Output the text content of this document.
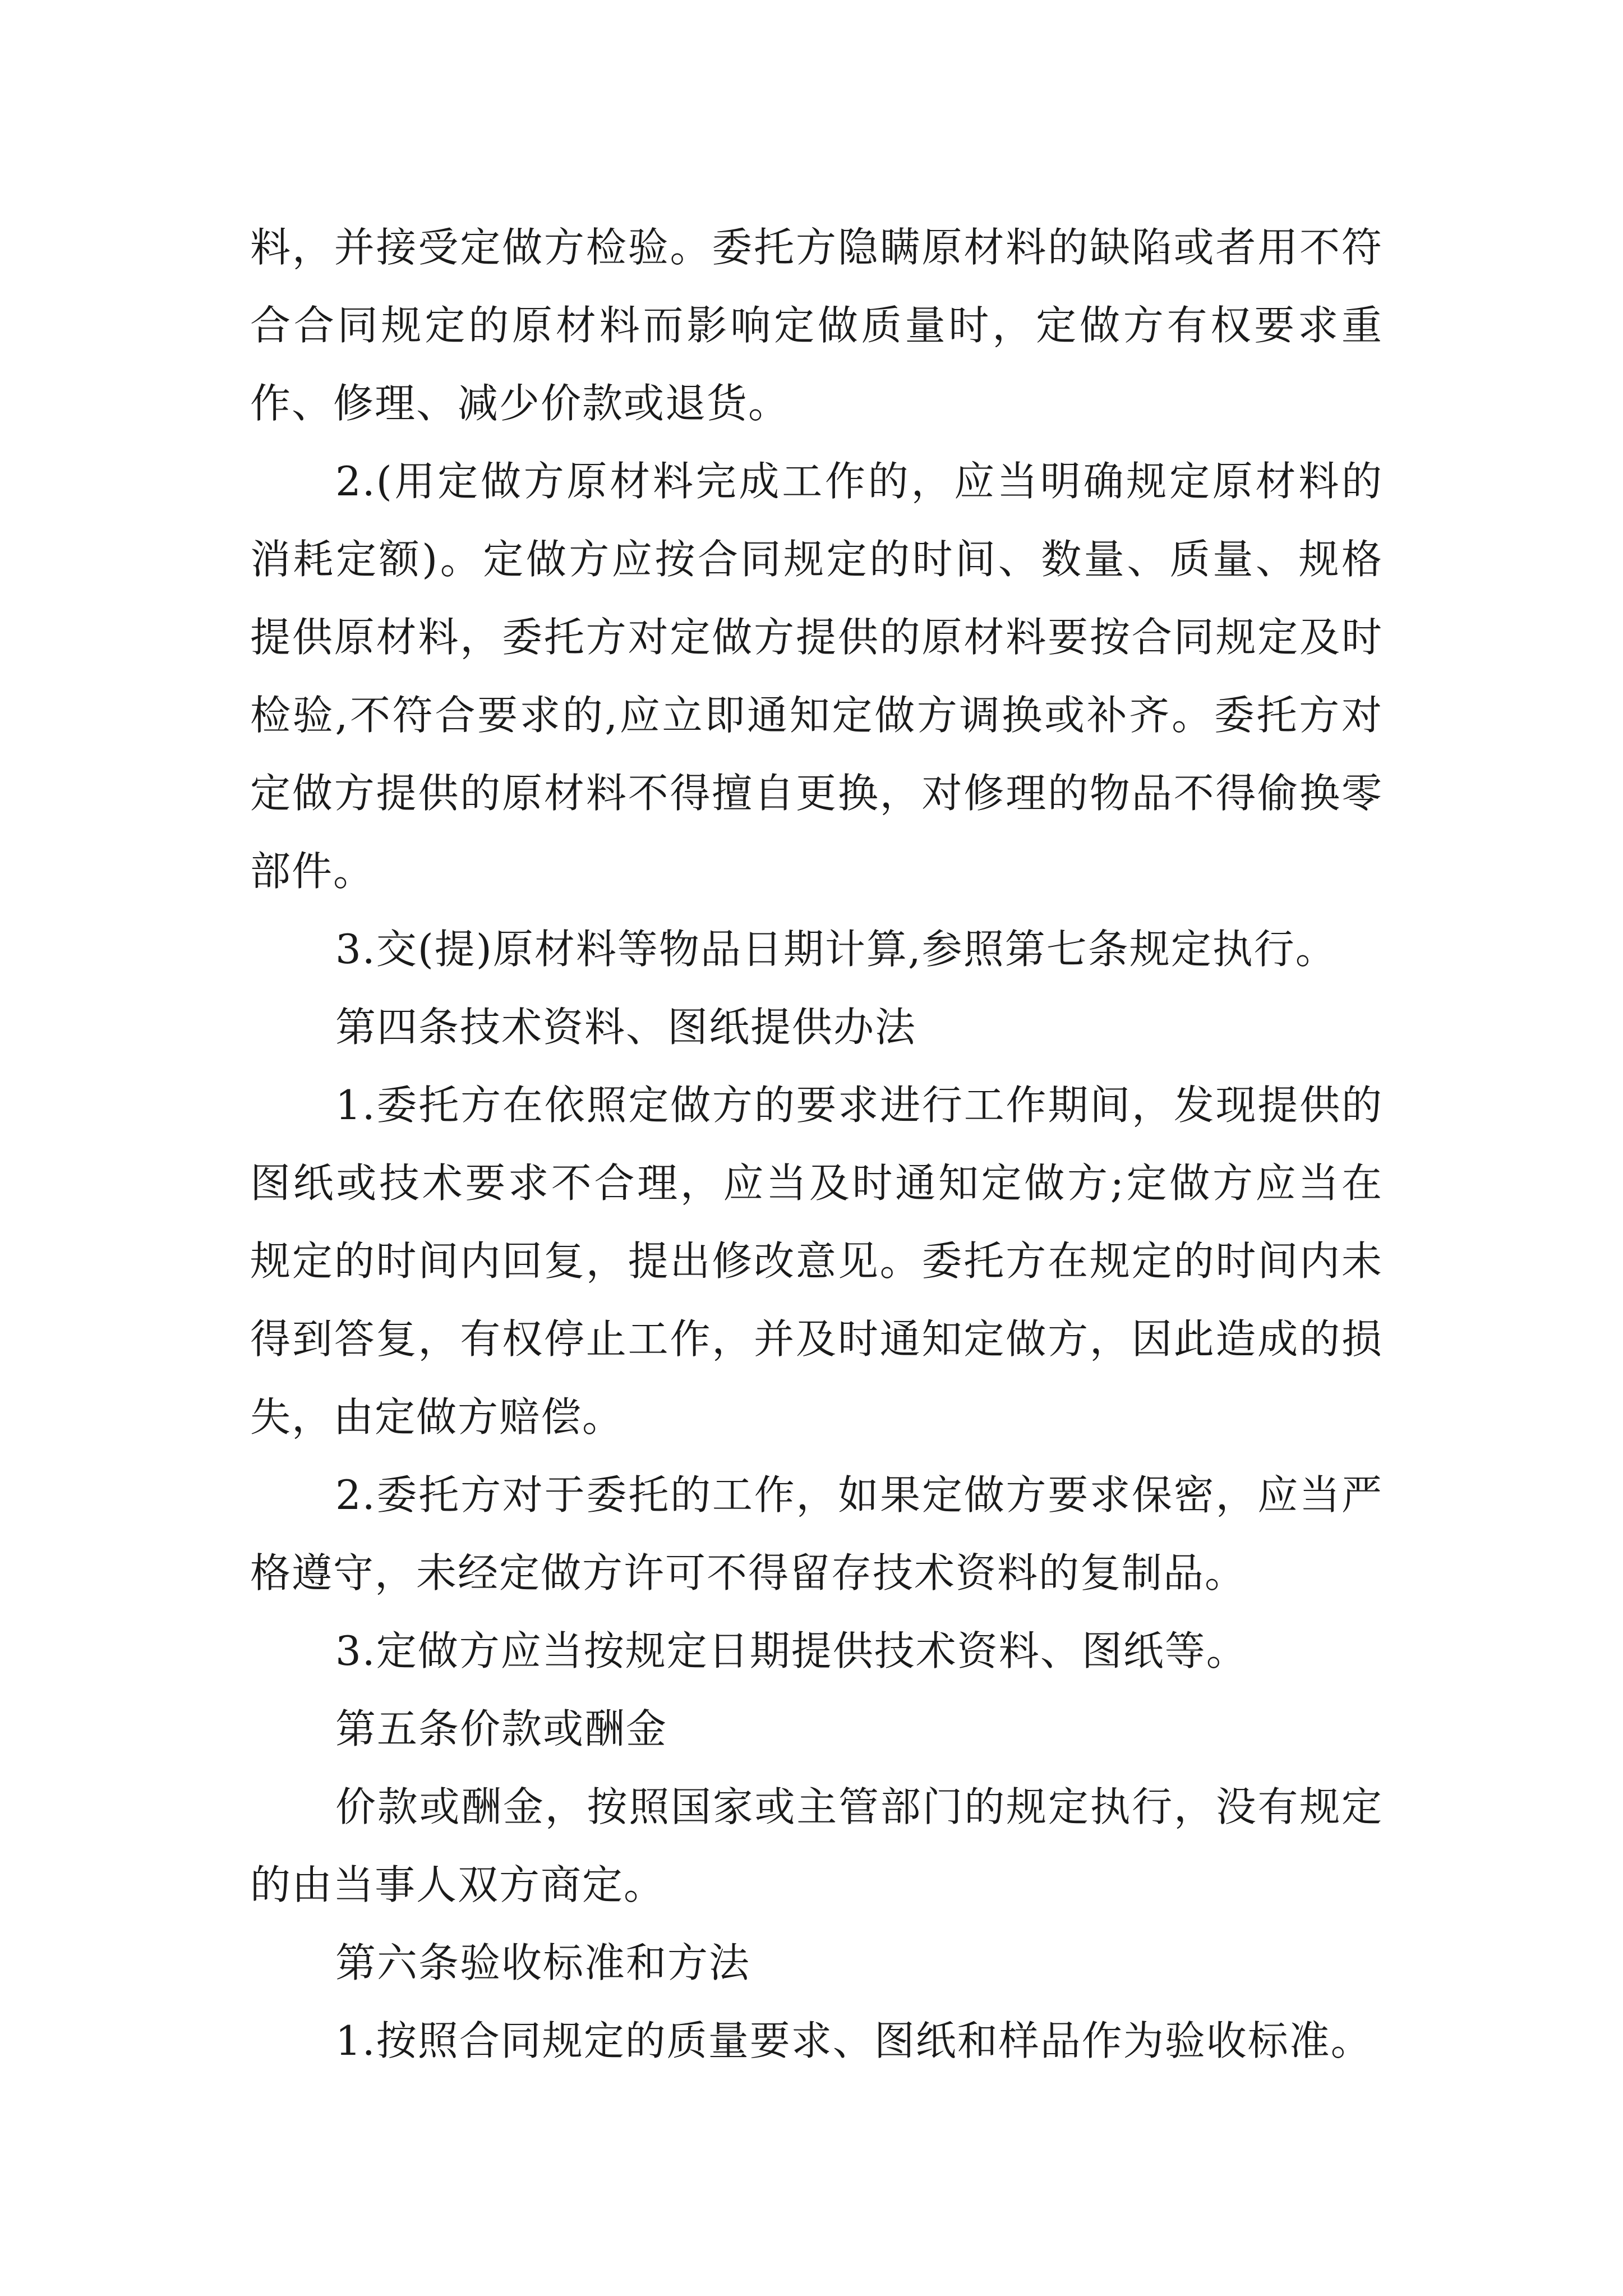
料，并接受定做方检验。委托方隐瞒原材料的缺陷或者用不符合合同规定的原材料而影响定做质量时，定做方有权要求重作、修理、减少价款或退货。

2.(用定做方原材料完成工作的，应当明确规定原材料的消耗定额)。定做方应按合同规定的时间、数量、质量、规格提供原材料，委托方对定做方提供的原材料要按合同规定及时检验,不符合要求的,应立即通知定做方调换或补齐。委托方对定做方提供的原材料不得擅自更换，对修理的物品不得偷换零部件。

3.交(提)原材料等物品日期计算,参照第七条规定执行。

第四条技术资料、图纸提供办法

1.委托方在依照定做方的要求进行工作期间，发现提供的图纸或技术要求不合理，应当及时通知定做方;定做方应当在规定的时间内回复，提出修改意见。委托方在规定的时间内未得到答复，有权停止工作，并及时通知定做方，因此造成的损失，由定做方赔偿。

2.委托方对于委托的工作，如果定做方要求保密，应当严格遵守，未经定做方许可不得留存技术资料的复制品。

3.定做方应当按规定日期提供技术资料、图纸等。

第五条价款或酬金

价款或酬金，按照国家或主管部门的规定执行，没有规定的由当事人双方商定。

第六条验收标准和方法

1.按照合同规定的质量要求、图纸和样品作为验收标准。
